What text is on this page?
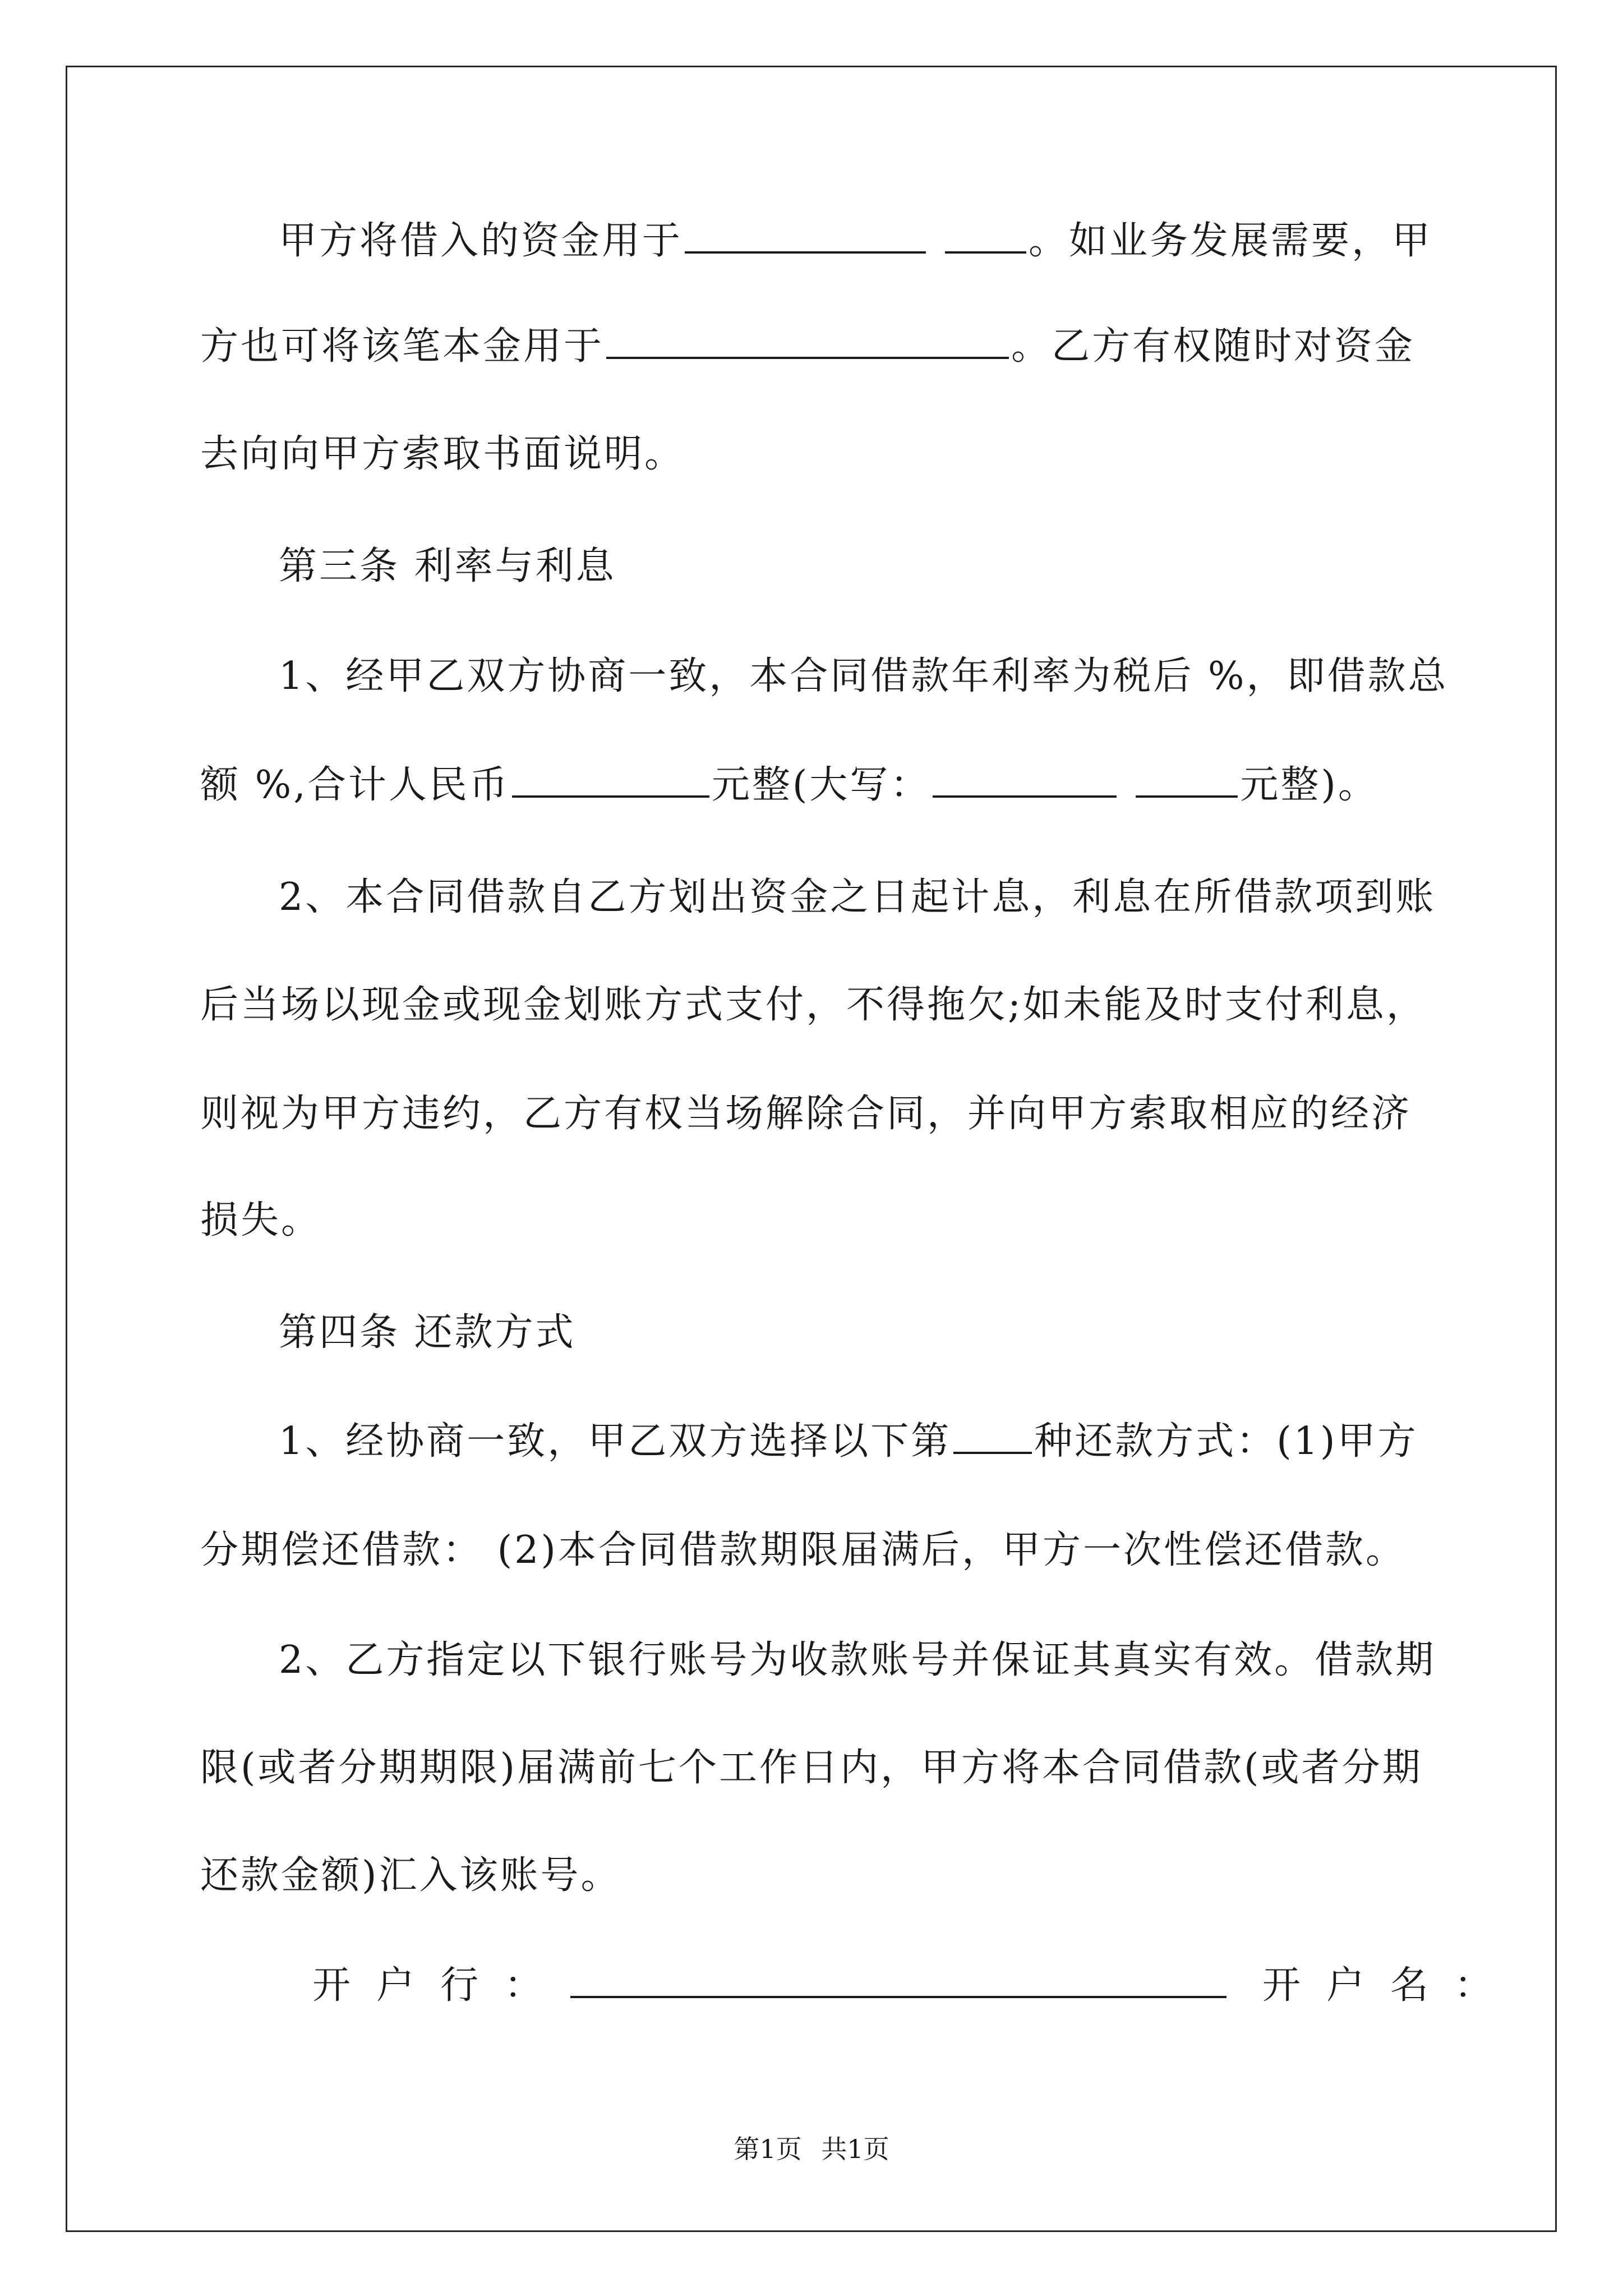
甲方将借入的资金用于	。如业务发展需要，甲
方也可将该笔本金用于	。乙方有权随时对资金
去向向甲方索取书面说明。
第三条 利率与利息
1、经甲乙双方协商一致，本合同借款年利率为税后 %，即借款总
额 %,合计人民币	元整(大写：	元整)。
2、本合同借款自乙方划出资金之日起计息，利息在所借款项到账
后当场以现金或现金划账方式支付，不得拖欠;如未能及时支付利息，
则视为甲方违约，乙方有权当场解除合同，并向甲方索取相应的经济
损失。
第四条 还款方式
1、经协商一致，甲乙双方选择以下第 种还款方式：(1)甲方
分期偿还借款： (2)本合同借款期限届满后，甲方一次性偿还借款。
2、乙方指定以下银行账号为收款账号并保证其真实有效。借款期
限(或者分期期限)届满前七个工作日内，甲方将本合同借款(或者分期
还款金额)汇入该账号。
开户行：	开户名：
第1页 共1页
